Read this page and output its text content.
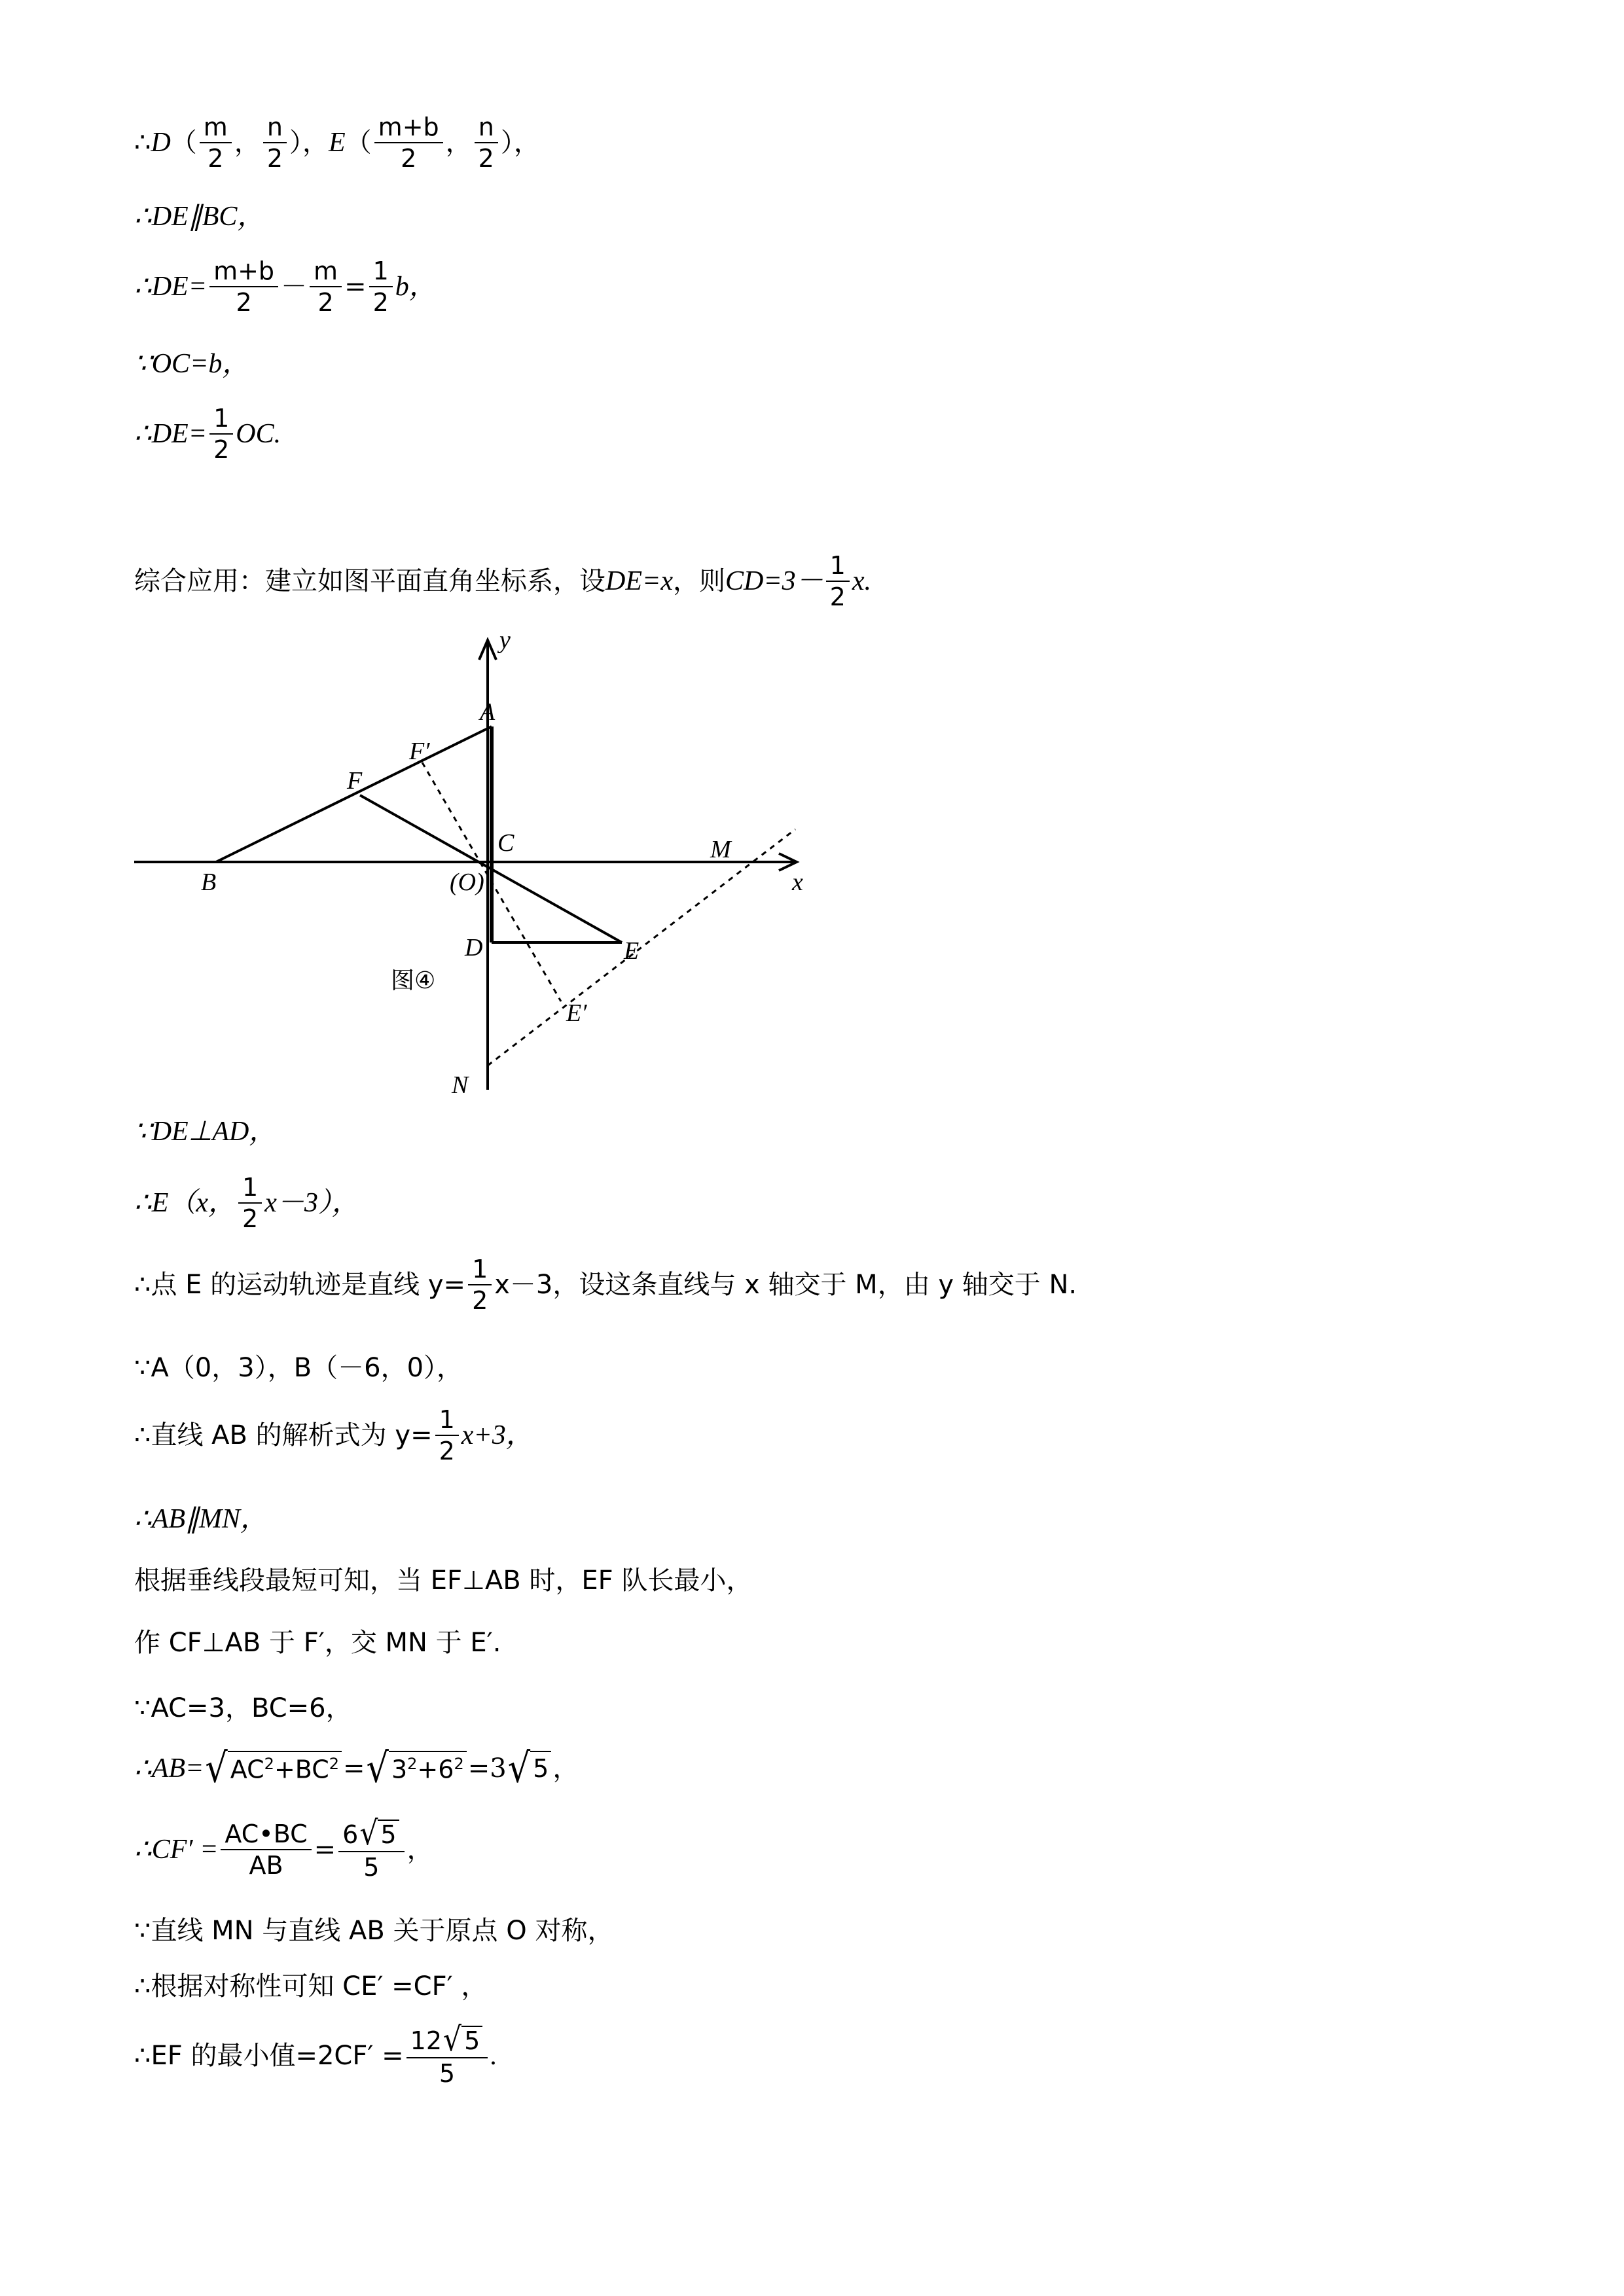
∴ D （ $\frac{m}{2}$ ， $\frac{n}{2}$ ）， E （ $\frac{m+b}{2}$ ， $\frac{n}{2}$ ），
∴DE∥BC，
∴DE= $\frac{m+b}{2} - \frac{m}{2} = \frac{1}{2}$ b，
∵OC=b，
∴DE= $\frac{1}{2}$ OC.
综合应用：建立如图平面直角坐标系，设 DE=x ，则 $CD=3- \frac{1}{2} x$.
y
A
F′
F
C	M
B	(O)	x
D	E
E′
N
图④
∵DE⊥AD，
∴E（x， $\frac{1}{2} x-3$），
∴点 E 的运动轨迹是直线 $y= \frac{1}{2} x-3$，设这条直线与 x 轴交于 M，由 y 轴交于 N.
∵A（0，3），B（－6，0），
∴直线 AB 的解析式为 $y= \frac{1}{2} x+3$，
∴AB∥MN，
根据垂线段最短可知，当 EF⊥AB 时，EF 队长最小，
作 CF⊥AB 于 F′，交 MN 于 E′.
∵AC=3，BC=6，
∴AB= √ $AC^2+BC^2$ = √ $3^2+6^2 =3$ √ 5 ，
∴CF′ = $\frac{AC•BC}{AB} = \frac{6 √ 5}{5}$ ，
∵直线 MN 与直线 AB 关于原点 O 对称，
∴根据对称性可知 CE′ =CF′ ，
∴EF 的最小值$=2CF' = \frac{12 √ 5}{5}$ .
